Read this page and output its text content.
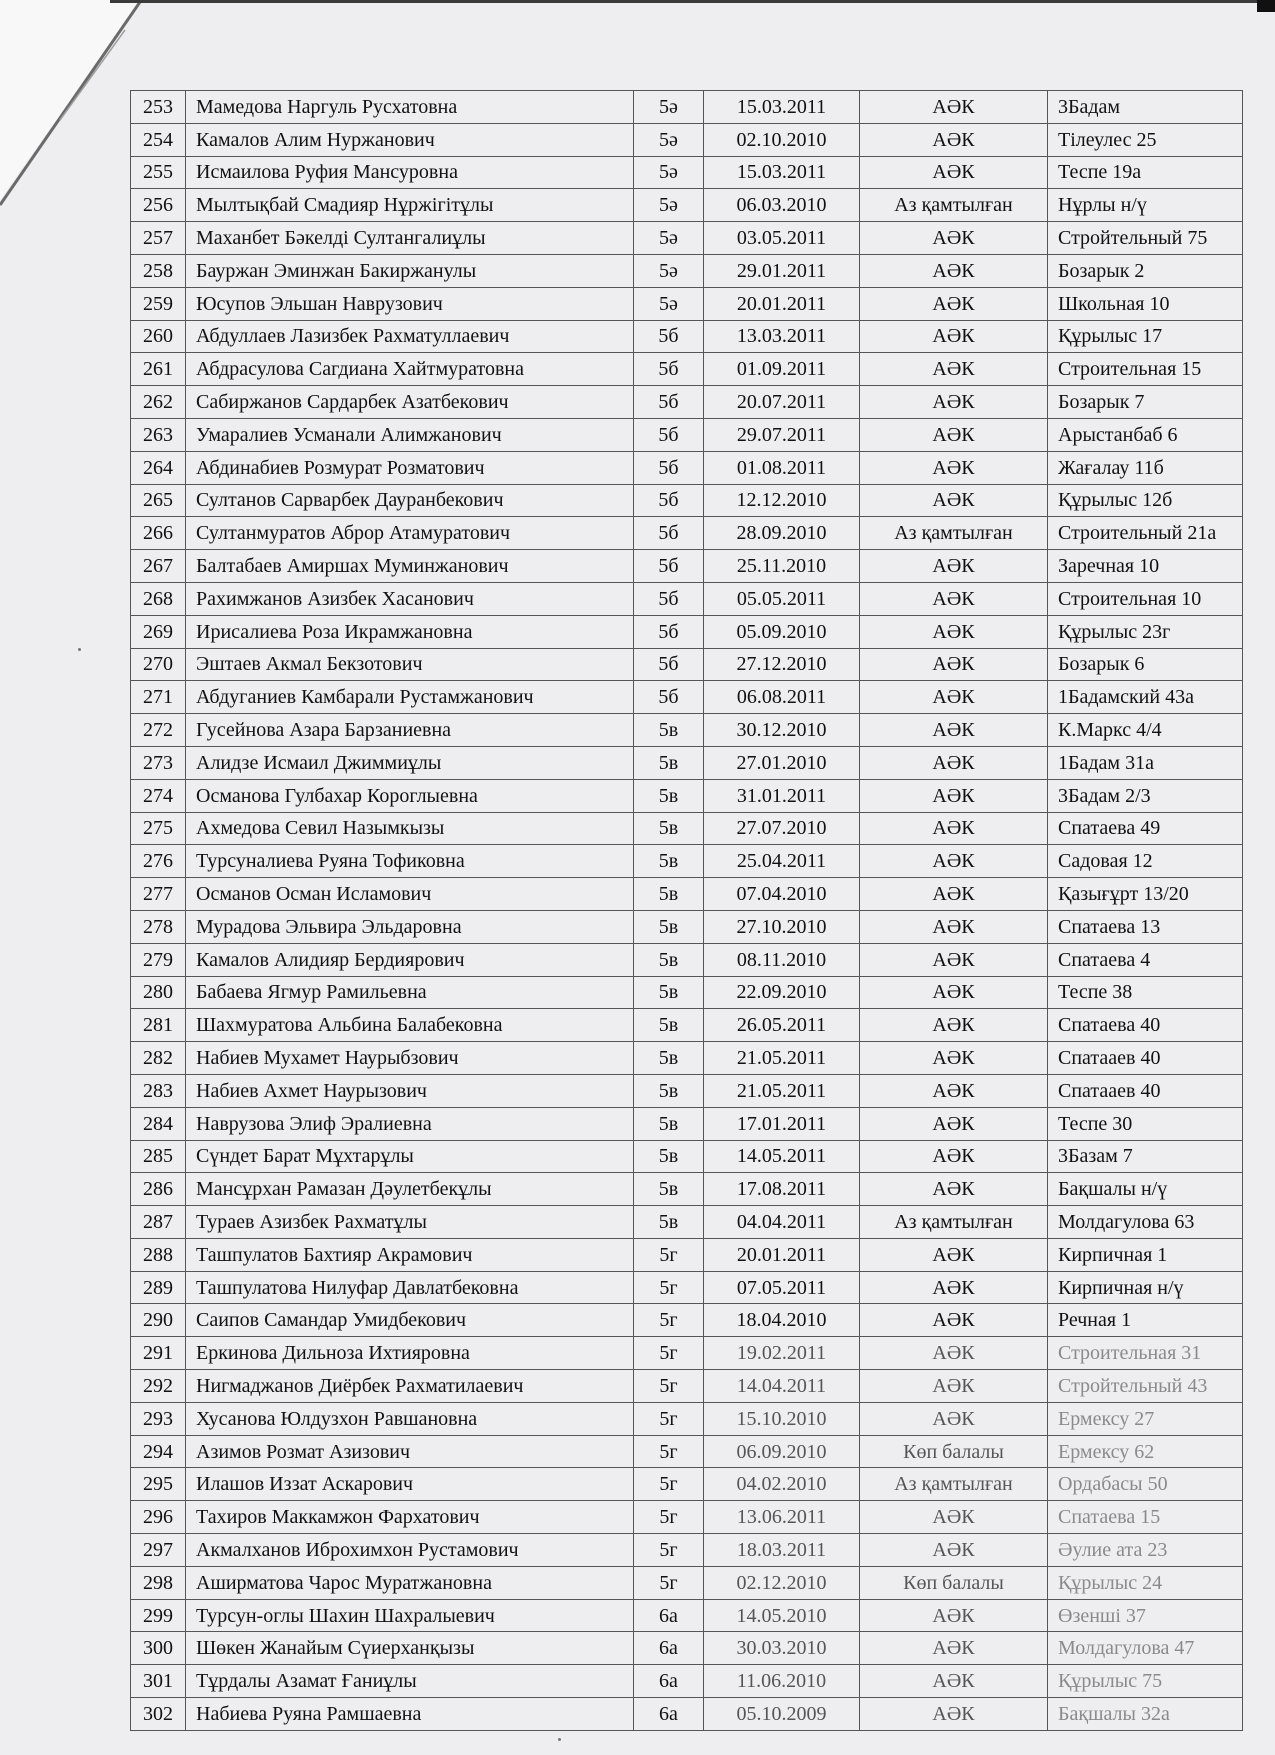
253	Мамедова Наргуль Русхатовна	5ә	15.03.2011	АӘК	3Бадам
254	Камалов Алим Нуржанович	5ә	02.10.2010	АӘК	Тілеулес 25
255	Исмаилова Руфия Мансуровна	5ә	15.03.2011	АӘК	Теспе 19а
256	Мылтықбай Смадияр Нұржігітұлы	5ә	06.03.2010	Аз қамтылған	Нұрлы н/ү
257	Маханбет Бәкелді Султангалиұлы	5ә	03.05.2011	АӘК	Стройтельный 75
258	Бауржан Эминжан Бакиржанулы	5ә	29.01.2011	АӘК	Бозарык 2
259	Юсупов Эльшан Наврузович	5ә	20.01.2011	АӘК	Школьная 10
260	Абдуллаев Лазизбек Рахматуллаевич	5б	13.03.2011	АӘК	Құрылыс 17
261	Абдрасулова Сагдиана Хайтмуратовна	5б	01.09.2011	АӘК	Строительная 15
262	Сабиржанов Сардарбек Азатбекович	5б	20.07.2011	АӘК	Бозарык 7
263	Умаралиев Усманали Алимжанович	5б	29.07.2011	АӘК	Арыстанбаб 6
264	Абдинабиев Розмурат Розматович	5б	01.08.2011	АӘК	Жағалау 11б
265	Султанов Сарварбек Дауранбекович	5б	12.12.2010	АӘК	Құрылыс 12б
266	Султанмуратов Аброр Атамуратович	5б	28.09.2010	Аз қамтылған	Строительный 21а
267	Балтабаев Амиршах Муминжанович	5б	25.11.2010	АӘК	Заречная 10
268	Рахимжанов Азизбек Хасанович	5б	05.05.2011	АӘК	Строительная 10
269	Ирисалиева Роза Икрамжановна	5б	05.09.2010	АӘК	Құрылыс 23г
270	Эштаев Акмал Бекзотович	5б	27.12.2010	АӘК	Бозарык 6
271	Абдуганиев Камбарали Рустамжанович	5б	06.08.2011	АӘК	1Бадамский 43а
272	Гусейнова Азара Барзаниевна	5в	30.12.2010	АӘК	К.Маркс 4/4
273	Алидзе Исмаил Джиммиұлы	5в	27.01.2010	АӘК	1Бадам 31а
274	Османова Гулбахар Короглыевна	5в	31.01.2011	АӘК	3Бадам 2/3
275	Ахмедова Севил Назымкызы	5в	27.07.2010	АӘК	Спатаева 49
276	Турсуналиева Руяна Тофиковна	5в	25.04.2011	АӘК	Садовая 12
277	Османов Осман Исламович	5в	07.04.2010	АӘК	Қазығұрт 13/20
278	Мурадова Эльвира Эльдаровна	5в	27.10.2010	АӘК	Спатаева 13
279	Камалов Алидияр Бердиярович	5в	08.11.2010	АӘК	Спатаева 4
280	Бабаева Ягмур Рамильевна	5в	22.09.2010	АӘК	Теспе 38
281	Шахмуратова Альбина Балабековна	5в	26.05.2011	АӘК	Спатаева 40
282	Набиев Мухамет Наурыбзович	5в	21.05.2011	АӘК	Спатааев 40
283	Набиев Ахмет Наурызович	5в	21.05.2011	АӘК	Спатааев 40
284	Наврузова Элиф Эралиевна	5в	17.01.2011	АӘК	Теспе 30
285	Сүндет Барат Мұхтарұлы	5в	14.05.2011	АӘК	3Базам 7
286	Мансұрхан Рамазан Дәулетбекұлы	5в	17.08.2011	АӘК	Бақшалы н/ү
287	Тураев Азизбек Рахматұлы	5в	04.04.2011	Аз қамтылған	Молдагулова 63
288	Ташпулатов Бахтияр Акрамович	5г	20.01.2011	АӘК	Кирпичная 1
289	Ташпулатова Нилуфар Давлатбековна	5г	07.05.2011	АӘК	Кирпичная н/ү
290	Саипов Самандар Умидбекович	5г	18.04.2010	АӘК	Речная 1
291	Еркинова Дильноза Ихтияровна	5г	19.02.2011	АӘК	Строительная 31
292	Нигмаджанов Диёрбек Рахматилаевич	5г	14.04.2011	АӘК	Стройтельный 43
293	Хусанова Юлдузхон Равшановна	5г	15.10.2010	АӘК	Ермексу 27
294	Азимов Розмат Азизович	5г	06.09.2010	Көп балалы	Ермексу 62
295	Илашов Иззат Аскарович	5г	04.02.2010	Аз қамтылған	Ордабасы 50
296	Тахиров Маккамжон Фархатович	5г	13.06.2011	АӘК	Спатаева 15
297	Акмалханов Иброхимхон Рустамович	5г	18.03.2011	АӘК	Әулие ата 23
298	Аширматова Чарос Муратжановна	5г	02.12.2010	Көп балалы	Құрылыс 24
299	Турсун-оглы Шахин Шахралыевич	6а	14.05.2010	АӘК	Өзенші 37
300	Шөкен Жанайым Сүиерханқызы	6а	30.03.2010	АӘК	Молдагулова 47
301	Тұрдалы Азамат Ғаниұлы	6а	11.06.2010	АӘК	Құрылыс 75
302	Набиева Руяна Рамшаевна	6а	05.10.2009	АӘК	Бақшалы 32а
